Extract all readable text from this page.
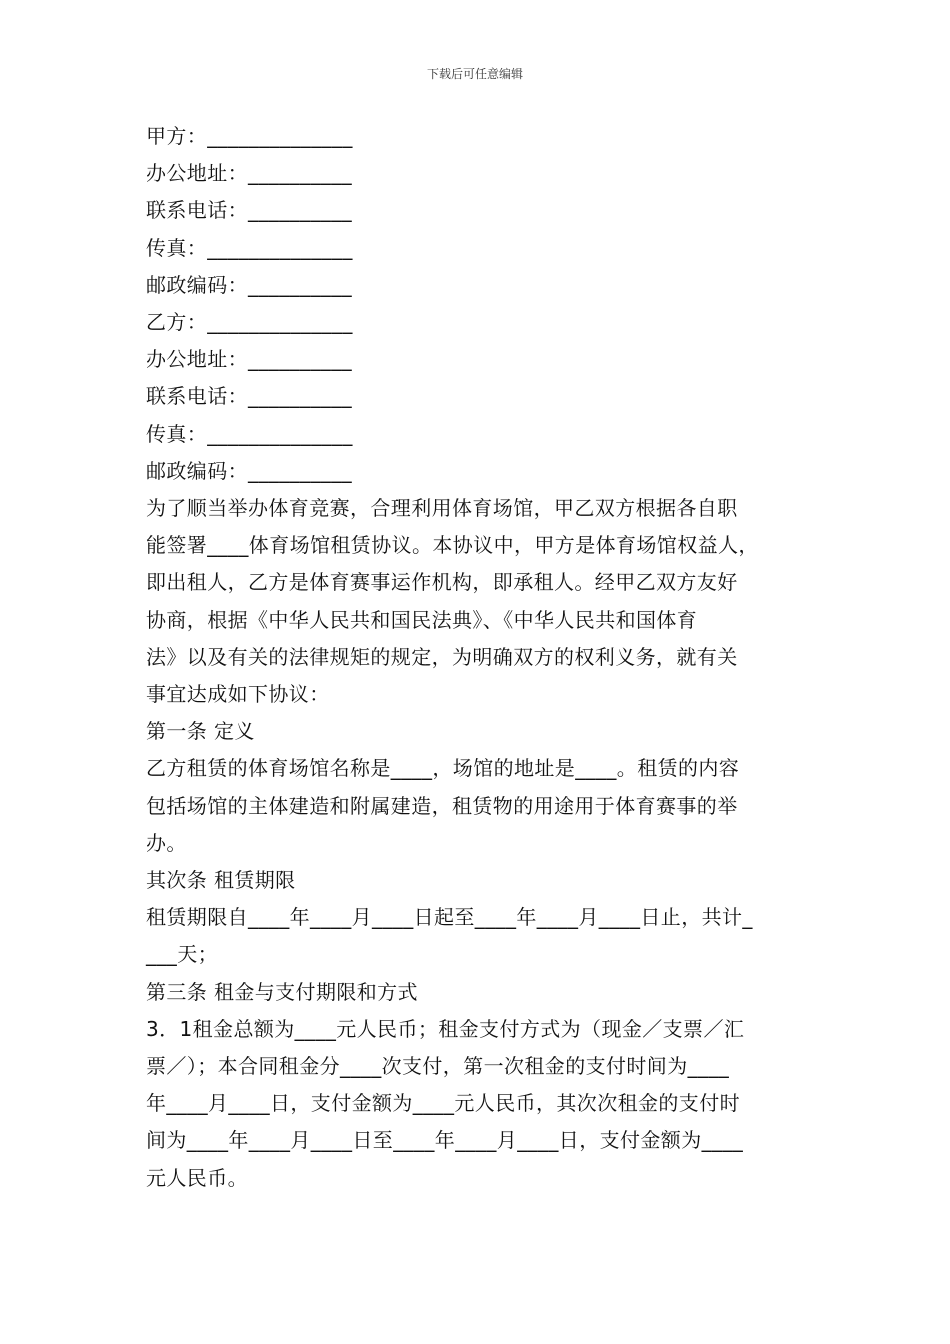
下载后可任意编辑
甲方：______________
办公地址：__________
联系电话：__________
传真：______________
邮政编码：__________
乙方：______________
办公地址：__________
联系电话：__________
传真：______________
邮政编码：__________
为了顺当举办体育竞赛，合理利用体育场馆，甲乙双方根据各自职
能签署____体育场馆租赁协议。本协议中，甲方是体育场馆权益人，
即出租人，乙方是体育赛事运作机构，即承租人。经甲乙双方友好
协商，根据《中华人民共和国民法典》、《中华人民共和国体育
法》以及有关的法律规矩的规定，为明确双方的权利义务，就有关
事宜达成如下协议：
第一条 定义
乙方租赁的体育场馆名称是____，场馆的地址是____。租赁的内容
包括场馆的主体建造和附属建造，租赁物的用途用于体育赛事的举
办。
其次条 租赁期限
租赁期限自____年____月____日起至____年____月____日止，共计_
___天；
第三条 租金与支付期限和方式
3．1租金总额为____元人民币；租金支付方式为（现金／支票／汇
票／）；本合同租金分____次支付，第一次租金的支付时间为____
年____月____日，支付金额为____元人民币，其次次租金的支付时
间为____年____月____日至____年____月____日，支付金额为____
元人民币。
